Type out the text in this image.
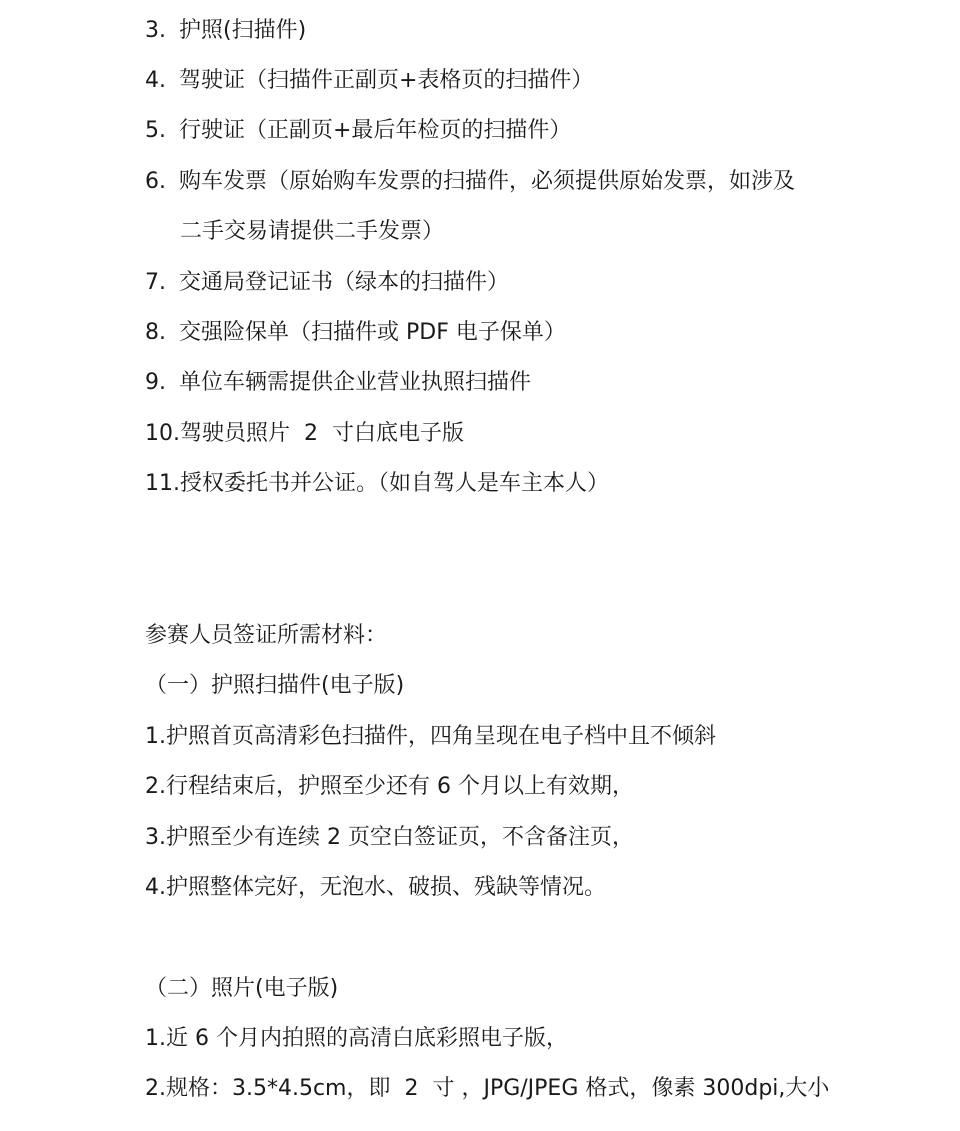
3. 护照(扫描件)
4. 驾驶证（扫描件正副页+表格页的扫描件）
5. 行驶证（正副页+最后年检页的扫描件）
6. 购车发票（原始购车发票的扫描件，必须提供原始发票，如涉及
二手交易请提供二手发票）
7. 交通局登记证书（绿本的扫描件）
8. 交强险保单（扫描件或 PDF 电子保单）
9. 单位车辆需提供企业营业执照扫描件
10.驾驶员照片  2  寸白底电子版
11.授权委托书并公证。（如自驾人是车主本人）
参赛人员签证所需材料：
（一）护照扫描件(电子版)
1.护照首页高清彩色扫描件，四角呈现在电子档中且不倾斜
2.行程结束后，护照至少还有 6 个月以上有效期，
3.护照至少有连续 2 页空白签证页，不含备注页，
4.护照整体完好，无泡水、破损、残缺等情况。
（二）照片(电子版)
1.近 6 个月内拍照的高清白底彩照电子版，
2.规格：3.5*4.5cm，即  2  寸 ，JPG/JPEG 格式，像素 300dpi,大小
